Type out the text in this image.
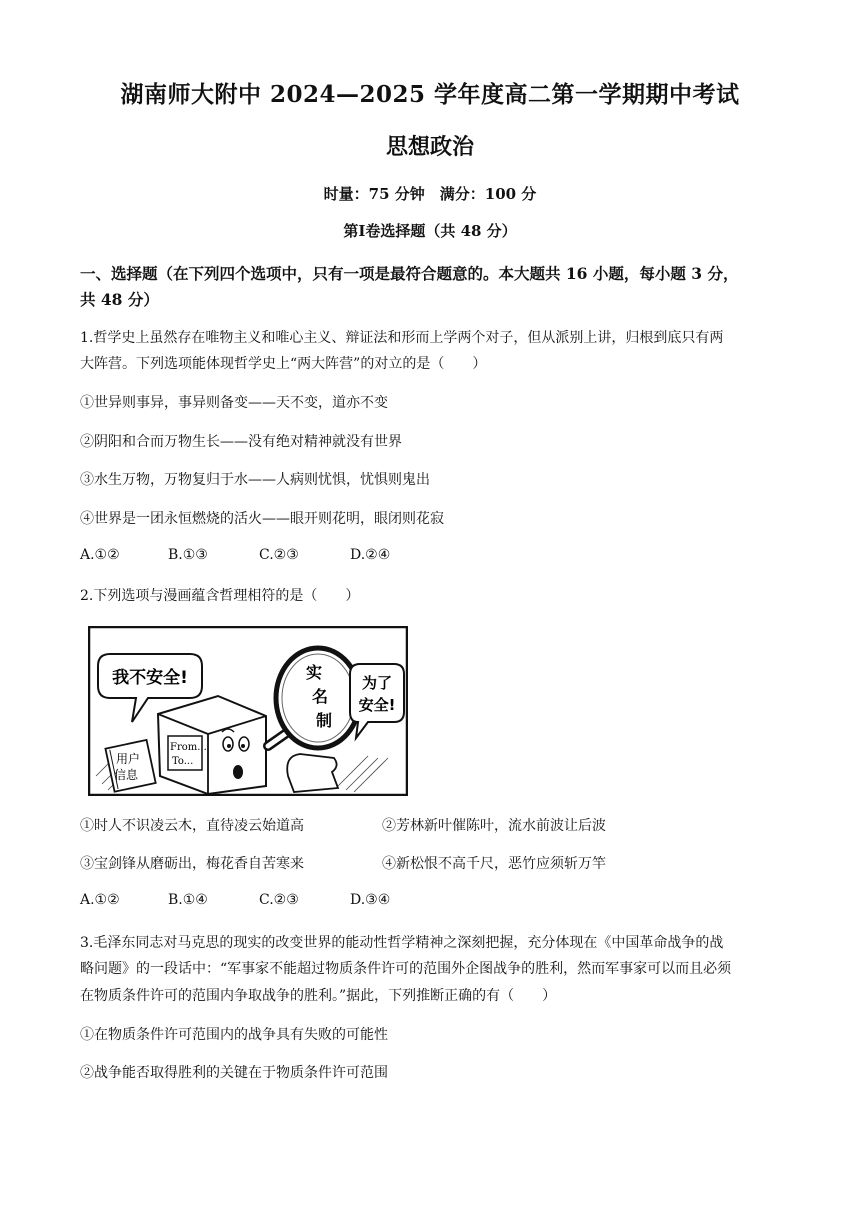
湖南师大附中 2024—2025 学年度高二第一学期期中考试
思想政治
时量：75 分钟　满分：100 分
第Ⅰ卷选择题（共 48 分）
一、选择题（在下列四个选项中，只有一项是最符合题意的。本大题共 16 小题，每小题 3 分，
共 48 分）
1.哲学史上虽然存在唯物主义和唯心主义、辩证法和形而上学两个对子，但从派别上讲，归根到底只有两
大阵营。下列选项能体现哲学史上“两大阵营”的对立的是（　　）
①世异则事异，事异则备变——天不变，道亦不变
②阴阳和合而万物生长——没有绝对精神就没有世界
③水生万物，万物复归于水——人病则忧惧，忧惧则鬼出
④世界是一团永恒燃烧的活火——眼开则花明，眼闭则花寂
A.①②	B.①③	C.②③	D.②④
2.下列选项与漫画蕴含哲理相符的是（　　）
我不安全!
用户
信息
From...
To...
实
名
制
为了
安全!
①时人不识凌云木，直待凌云始道高	②芳林新叶催陈叶，流水前波让后波
③宝剑锋从磨砺出，梅花香自苦寒来	④新松恨不高千尺，恶竹应须斩万竿
A.①②	B.①④	C.②③	D.③④
3.毛泽东同志对马克思的现实的改变世界的能动性哲学精神之深刻把握，充分体现在《中国革命战争的战
略问题》的一段话中：“军事家不能超过物质条件许可的范围外企图战争的胜利，然而军事家可以而且必须
在物质条件许可的范围内争取战争的胜利。”据此，下列推断正确的有（　　）
①在物质条件许可范围内的战争具有失败的可能性
②战争能否取得胜利的关键在于物质条件许可范围
